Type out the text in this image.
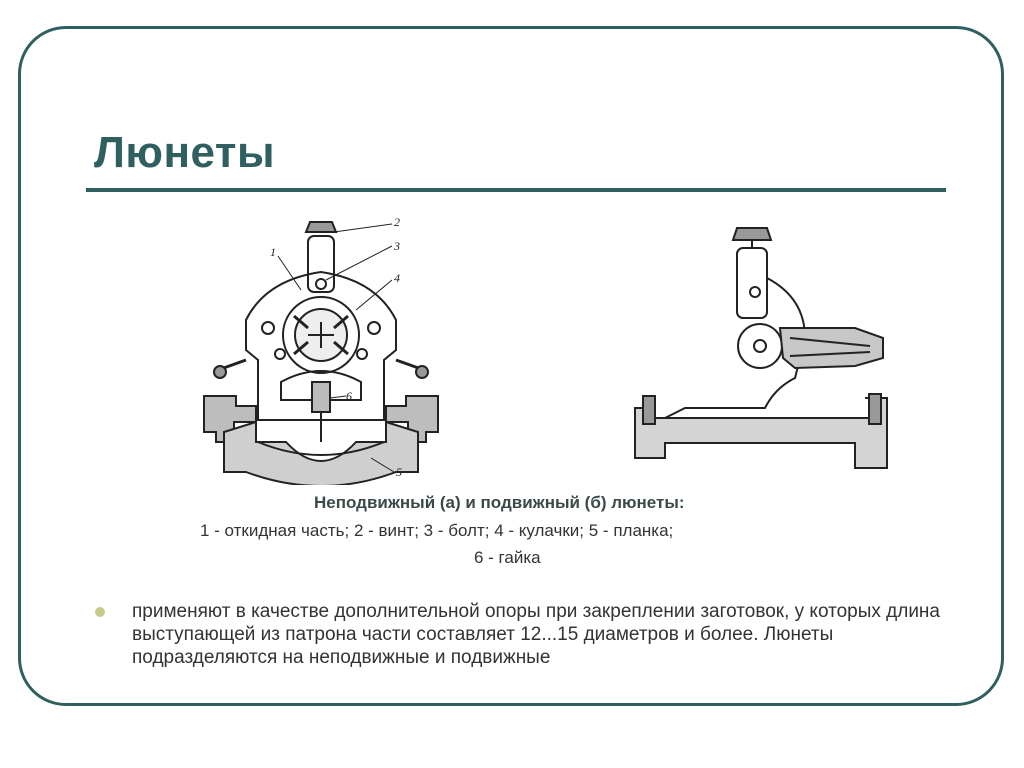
Люнеты
1
2
3
4
5
6
Неподвижный (а) и подвижный (б) люнеты:
1 - откидная часть; 2 - винт; 3 - болт; 4 - кулачки; 5 - планка;
6 - гайка
применяют в качестве дополнительной опоры при закреплении заготовок, у которых длина выступающей из патрона части составляет 12...15 диаметров и более. Люнеты подразделяются на неподвижные и подвижные
